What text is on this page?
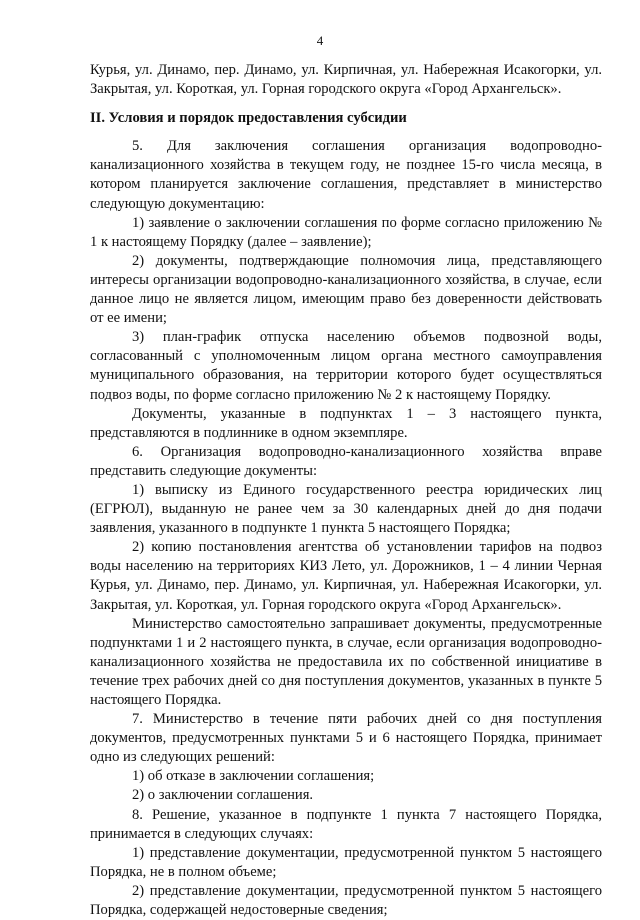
4

Курья, ул. Динамо, пер. Динамо, ул. Кирпичная, ул. Набережная Исакогорки, ул. Закрытая, ул. Короткая, ул. Горная городского округа «Город Архангельск».

II. Условия и порядок предоставления субсидии

5. Для заключения соглашения организация водопроводно-канализационного хозяйства в текущем году, не позднее 15-го числа месяца, в котором планируется заключение соглашения, представляет в министерство следующую документацию:

1) заявление о заключении соглашения по форме согласно приложению № 1 к настоящему Порядку (далее – заявление);

2) документы, подтверждающие полномочия лица, представляющего интересы организации водопроводно-канализационного хозяйства, в случае, если данное лицо не является лицом, имеющим право без доверенности действовать от ее имени;

3) план-график отпуска населению объемов подвозной воды, согласованный с уполномоченным лицом органа местного самоуправления муниципального образования, на территории которого будет осуществляться подвоз воды, по форме согласно приложению № 2 к настоящему Порядку.

Документы, указанные в подпунктах 1 – 3 настоящего пункта, представляются в подлиннике в одном экземпляре.

6. Организация водопроводно-канализационного хозяйства вправе представить следующие документы:

1) выписку из Единого государственного реестра юридических лиц (ЕГРЮЛ), выданную не ранее чем за 30 календарных дней до дня подачи заявления, указанного в подпункте 1 пункта 5 настоящего Порядка;

2) копию постановления агентства об установлении тарифов на подвоз воды населению на территориях КИЗ Лето, ул. Дорожников, 1 – 4 линии Черная Курья, ул. Динамо, пер. Динамо, ул. Кирпичная, ул. Набережная Исакогорки, ул. Закрытая, ул. Короткая, ул. Горная городского округа «Город Архангельск».

Министерство самостоятельно запрашивает документы, предусмотренные подпунктами 1 и 2 настоящего пункта, в случае, если организация водопроводно-канализационного хозяйства не предоставила их по собственной инициативе в течение трех рабочих дней со дня поступления документов, указанных в пункте 5 настоящего Порядка.

7. Министерство в течение пяти рабочих дней со дня поступления документов, предусмотренных пунктами 5 и 6 настоящего Порядка, принимает одно из следующих решений:

1) об отказе в заключении соглашения;

2) о заключении соглашения.

8. Решение, указанное в подпункте 1 пункта 7 настоящего Порядка, принимается в следующих случаях:

1) представление документации, предусмотренной пунктом 5 настоящего Порядка, не в полном объеме;

2) представление документации, предусмотренной пунктом 5 настоящего Порядка, содержащей недостоверные сведения;
